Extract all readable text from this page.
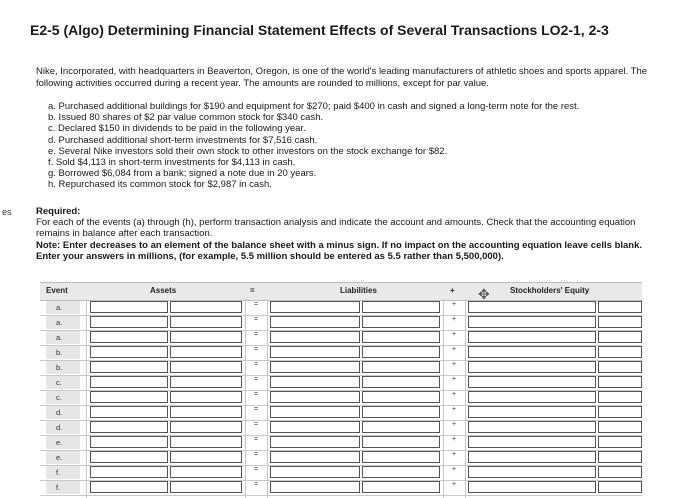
es
E2-5 (Algo) Determining Financial Statement Effects of Several Transactions LO2-1, 2-3
Nike, Incorporated, with headquarters in Beaverton, Oregon, is one of the world's leading manufacturers of athletic shoes and sports apparel. The following activities occurred during a recent year. The amounts are rounded to millions, except for par value.
a. Purchased additional buildings for $190 and equipment for $270; paid $400 in cash and signed a long-term note for the rest.
b. Issued 80 shares of $2 par value common stock for $340 cash.
c. Declared $150 in dividends to be paid in the following year.
d. Purchased additional short-term investments for $7,516 cash.
e. Several Nike investors sold their own stock to other investors on the stock exchange for $82.
f. Sold $4,113 in short-term investments for $4,113 in cash.
g. Borrowed $6,084 from a bank; signed a note due in 20 years.
h. Repurchased its common stock for $2,987 in cash.
Required:
For each of the events (a) through (h), perform transaction analysis and indicate the account and amounts. Check that the accounting equation remains in balance after each transaction.
Note: Enter decreases to an element of the balance sheet with a minus sign. If no impact on the accounting equation leave cells blank. Enter your answers in millions, (for example, 5.5 million should be entered as 5.5 rather than 5,500,000).
Event	Assets	=	Liabilities	+	Stockholders' Equity
a.	=	+
a.	=	+
a.	=	+
b.	=	+
b.	=	+
c.	=	+
c.	=	+
d.	=	+
d.	=	+
e.	=	+
e.	=	+
f.	=	+
f.	=	+
✥
